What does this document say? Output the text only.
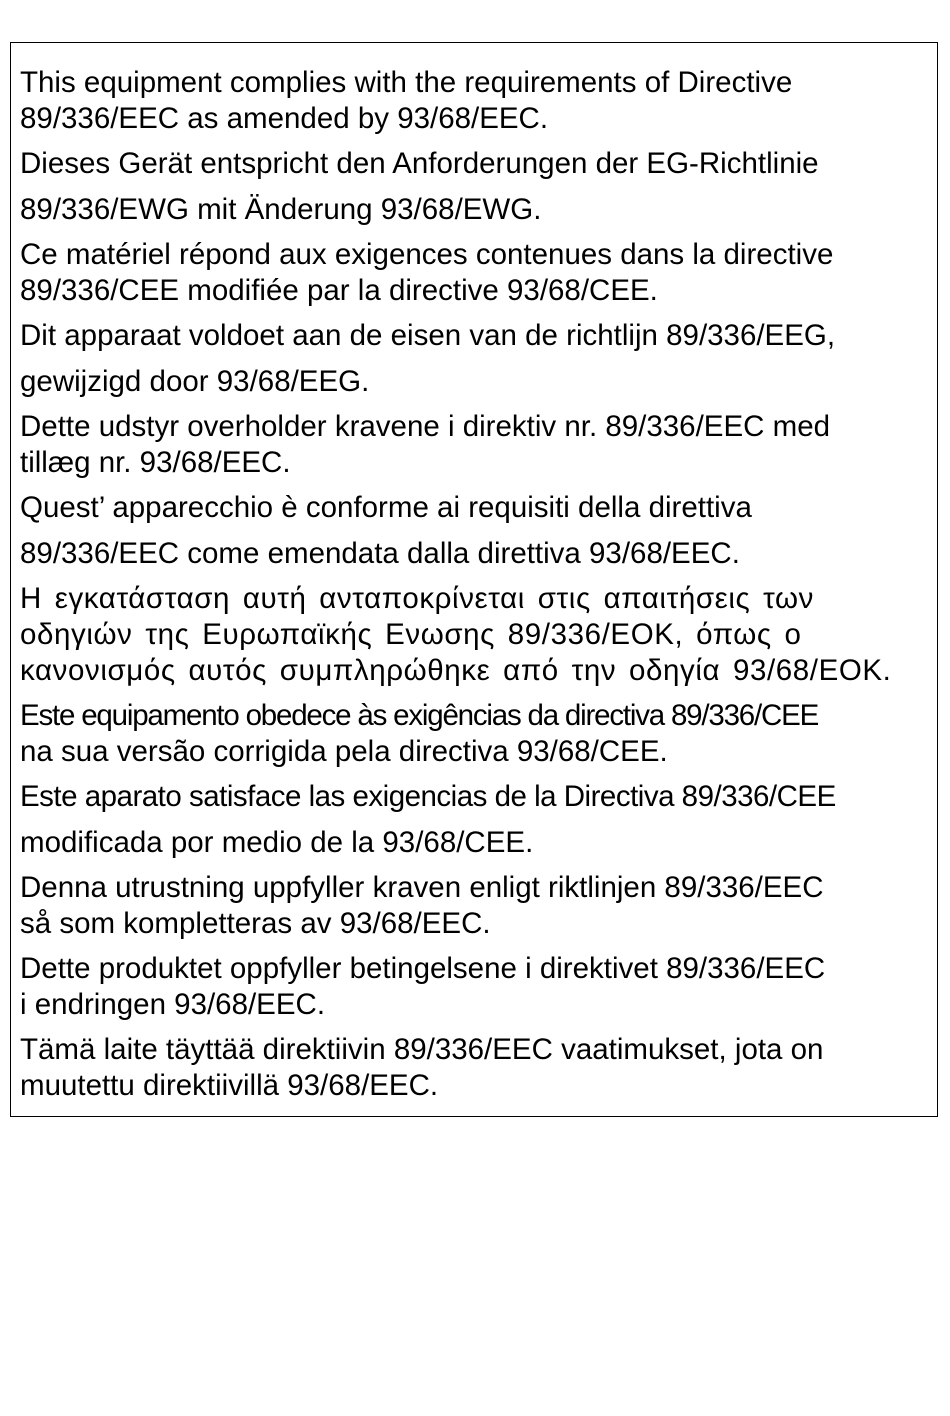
This equipment complies with the requirements of Directive
89/336/EEC as amended by 93/68/EEC.

Dieses Gerät entspricht den Anforderungen der EG-Richtlinie
89/336/EWG mit Änderung 93/68/EWG.

Ce matériel répond aux exigences contenues dans la directive
89/336/CEE modifiée par la directive 93/68/CEE.

Dit apparaat voldoet aan de eisen van de richtlijn 89/336/EEG,
gewijzigd door 93/68/EEG.

Dette udstyr overholder kravene i direktiv nr. 89/336/EEC med
tillæg nr. 93/68/EEC.

Quest’ apparecchio è conforme ai requisiti della direttiva
89/336/EEC come emendata dalla direttiva 93/68/EEC.

Η εγκατάσταση αυτή ανταποκρίνεται στις απαιτήσεις των
οδηγιών της Ευρωπαϊκής Ενωσης 89/336/ΕΟΚ, όπως ο
κανονισμός αυτός συμπληρώθηκε από την οδηγία 93/68/ΕΟΚ.

Este equipamento obedece às exigências da directiva 89/336/CEE
na sua versão corrigida pela directiva 93/68/CEE.

Este aparato satisface las exigencias de la Directiva 89/336/CEE
modificada por medio de la 93/68/CEE.

Denna utrustning uppfyller kraven enligt riktlinjen 89/336/EEC
så som kompletteras av 93/68/EEC.

Dette produktet oppfyller betingelsene i direktivet 89/336/EEC
i endringen 93/68/EEC.

Tämä laite täyttää direktiivin 89/336/EEC vaatimukset, jota on
muutettu direktiivillä 93/68/EEC.
